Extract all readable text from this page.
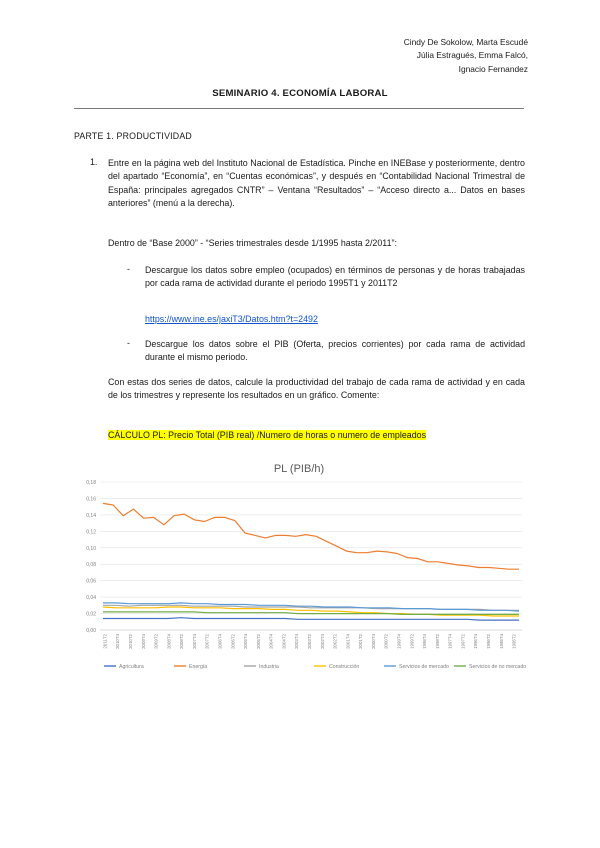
Cindy De Sokolow, Marta Escudé
Júlia Estragués, Emma Falcó,
Ignacio Fernandez
SEMINARIO 4. ECONOMÍA LABORAL
PARTE 1. PRODUCTIVIDAD
1. Entre en la página web del Instituto Nacional de Estadística. Pinche en INEBase y posteriormente, dentro del apartado “Economía”, en “Cuentas económicas”, y después en “Contabilidad Nacional Trimestral de España: principales agregados CNTR” – Ventana “Resultados” – “Acceso directo a... Datos en bases anteriores” (menú a la derecha).
Dentro de “Base 2000” - “Series trimestrales desde 1/1995 hasta 2/2011”:
- Descargue los datos sobre empleo (ocupados) en términos de personas y de horas trabajadas por cada rama de actividad durante el periodo 1995T1 y 2011T2
https://www.ine.es/jaxiT3/Datos.htm?t=2492
- Descargue los datos sobre el PIB (Oferta, precios corrientes) por cada rama de actividad durante el mismo periodo.
Con estas dos series de datos, calcule la productividad del trabajo de cada rama de actividad y en cada de los trimestres y represente los resultados en un gráfico. Comente:
CÁLCULO PL: Precio Total (PIB real) /Numero de horas o numero de empleados
PL (PIB/h)
0,18
0,16
0,14
0,12
0,10
0,08
0,06
0,04
0,02
0,00
2011T2 2010T4 2010T2 2009T4 2009T2 2008T4 2008T2 2007T4 2007T2 2006T4 2006T2 2005T4 2005T2 2004T4 2004T2 2003T4 2003T2 2002T4 2002T2 2001T4 2001T2 2000T4 2000T2 1999T4 1999T2 1998T4 1998T2 1997T4 1997T2 1996T4 1996T2 1995T4 1995T2
Agricultura	Energía	Industria	Construcción	Servicios de mercado	Servicios de no mercado
